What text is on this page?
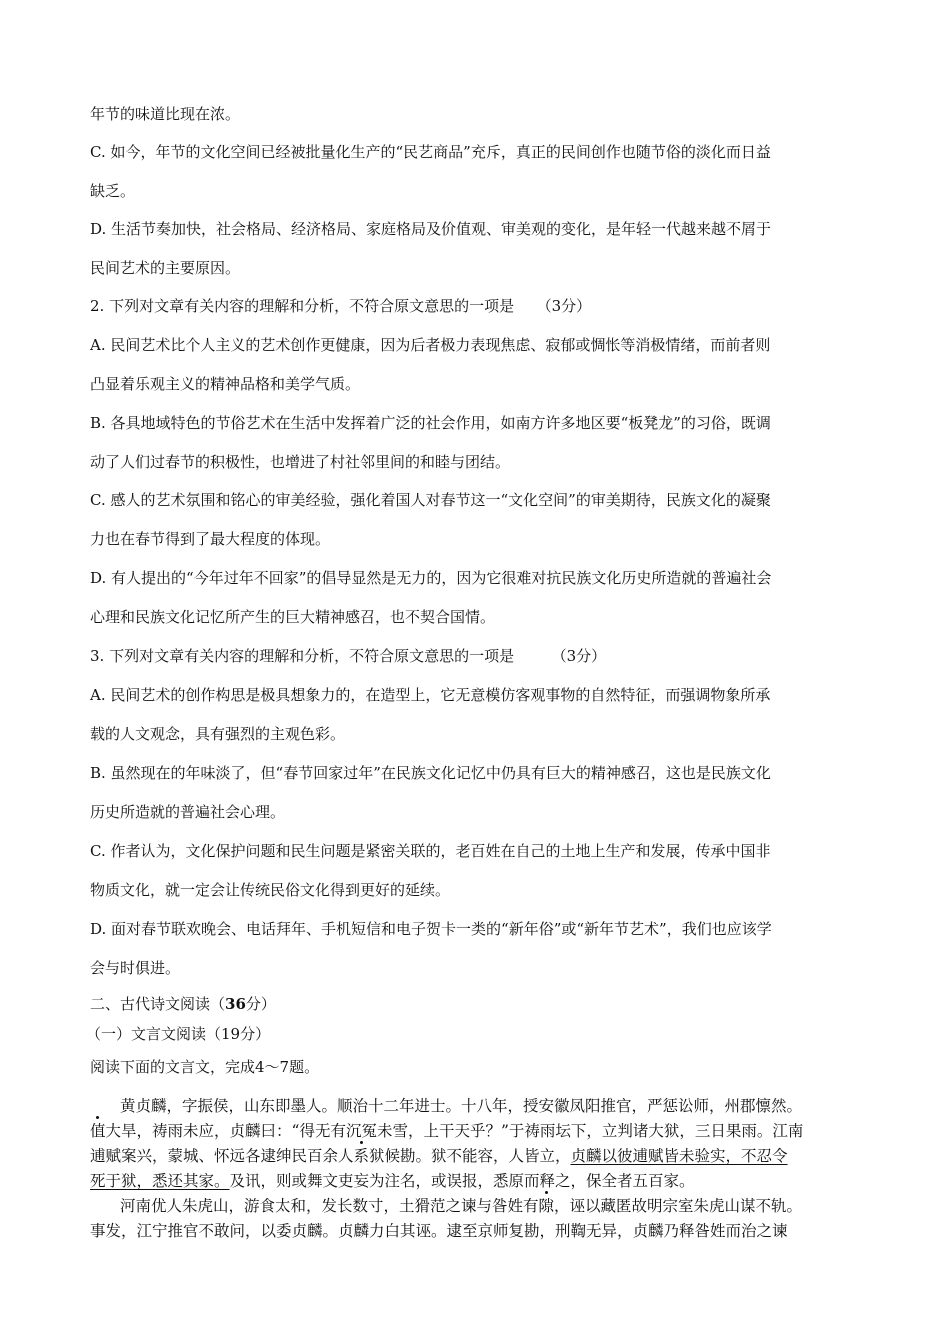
年节的味道比现在浓。
C. 如今，年节的文化空间已经被批量化生产的“民艺商品”充斥，真正的民间创作也随节俗的淡化而日益
缺乏。
D. 生活节奏加快，社会格局、经济格局、家庭格局及价值观、审美观的变化，是年轻一代越来越不屑于
民间艺术的主要原因。
2. 下列对文章有关内容的理解和分析，不符合原文意思的一项是　　（3分）
A. 民间艺术比个人主义的艺术创作更健康，因为后者极力表现焦虑、寂郁或惆怅等消极情绪，而前者则
凸显着乐观主义的精神品格和美学气质。
B. 各具地域特色的节俗艺术在生活中发挥着广泛的社会作用，如南方许多地区要“板凳龙”的习俗，既调
动了人们过春节的积极性，也增进了村社邻里间的和睦与团结。
C. 感人的艺术氛围和铭心的审美经验，强化着国人对春节这一“文化空间”的审美期待，民族文化的凝聚
力也在春节得到了最大程度的体现。
D. 有人提出的“今年过年不回家”的倡导显然是无力的，因为它很难对抗民族文化历史所造就的普遍社会
心理和民族文化记忆所产生的巨大精神感召，也不契合国情。
3. 下列对文章有关内容的理解和分析，不符合原文意思的一项是　　　（3分）
A. 民间艺术的创作构思是极具想象力的，在造型上，它无意模仿客观事物的自然特征，而强调物象所承
载的人文观念，具有强烈的主观色彩。
B. 虽然现在的年味淡了，但“春节回家过年”在民族文化记忆中仍具有巨大的精神感召，这也是民族文化
历史所造就的普遍社会心理。
C. 作者认为，文化保护问题和民生问题是紧密关联的，老百姓在自己的土地上生产和发展，传承中国非
物质文化，就一定会让传统民俗文化得到更好的延续。
D. 面对春节联欢晚会、电话拜年、手机短信和电子贺卡一类的“新年俗”或“新年节艺术”，我们也应该学
会与时俱进。
二、古代诗文阅读（36分）
（一）文言文阅读（19分）
阅读下面的文言文，完成4～7题。
黄贞麟，字振侯，山东即墨人。顺治十二年进士。十八年，授安徽凤阳推官，严惩讼师，州郡懔然。
值大旱，祷雨未应，贞麟曰：“得无有沉冤未雪，上干天乎？”于祷雨坛下，立判诸大狱，三日果雨。江南
逋赋案兴，蒙城、怀远各逮绅民百余人系狱候勘。狱不能容，人皆立，贞麟以彼逋赋皆未验实，不忍令
死于狱，悉还其家。及讯，则或舞文吏妄为注名，或误报，悉原而释之，保全者五百家。
河南优人朱虎山，游食太和，发长数寸，土猾范之谏与昝姓有隙，诬以藏匿故明宗室朱虎山谋不轨。
事发，江宁推官不敢问，以委贞麟。贞麟力白其诬。逮至京师复勘，刑鞫无异，贞麟乃释昝姓而治之谏
